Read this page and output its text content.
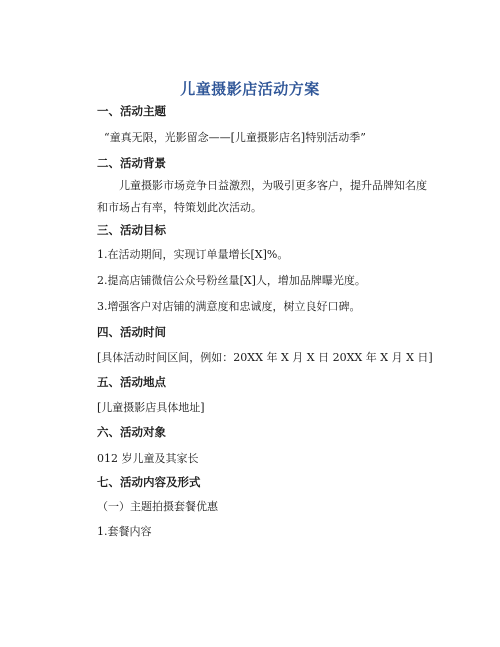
儿童摄影店活动方案
一、活动主题
“童真无限，光影留念——[儿童摄影店名]特别活动季”
二、活动背景
儿童摄影市场竞争日益激烈，为吸引更多客户，提升品牌知名度和市场占有率，特策划此次活动。
三、活动目标
1.在活动期间，实现订单量增长[X]%。
2.提高店铺微信公众号粉丝量[X]人，增加品牌曝光度。
3.增强客户对店铺的满意度和忠诚度，树立良好口碑。
四、活动时间
[具体活动时间区间，例如：20XX 年 X 月 X 日 20XX 年 X 月 X 日]
五、活动地点
[儿童摄影店具体地址]
六、活动对象
012 岁儿童及其家长
七、活动内容及形式
（一）主题拍摄套餐优惠
1.套餐内容
